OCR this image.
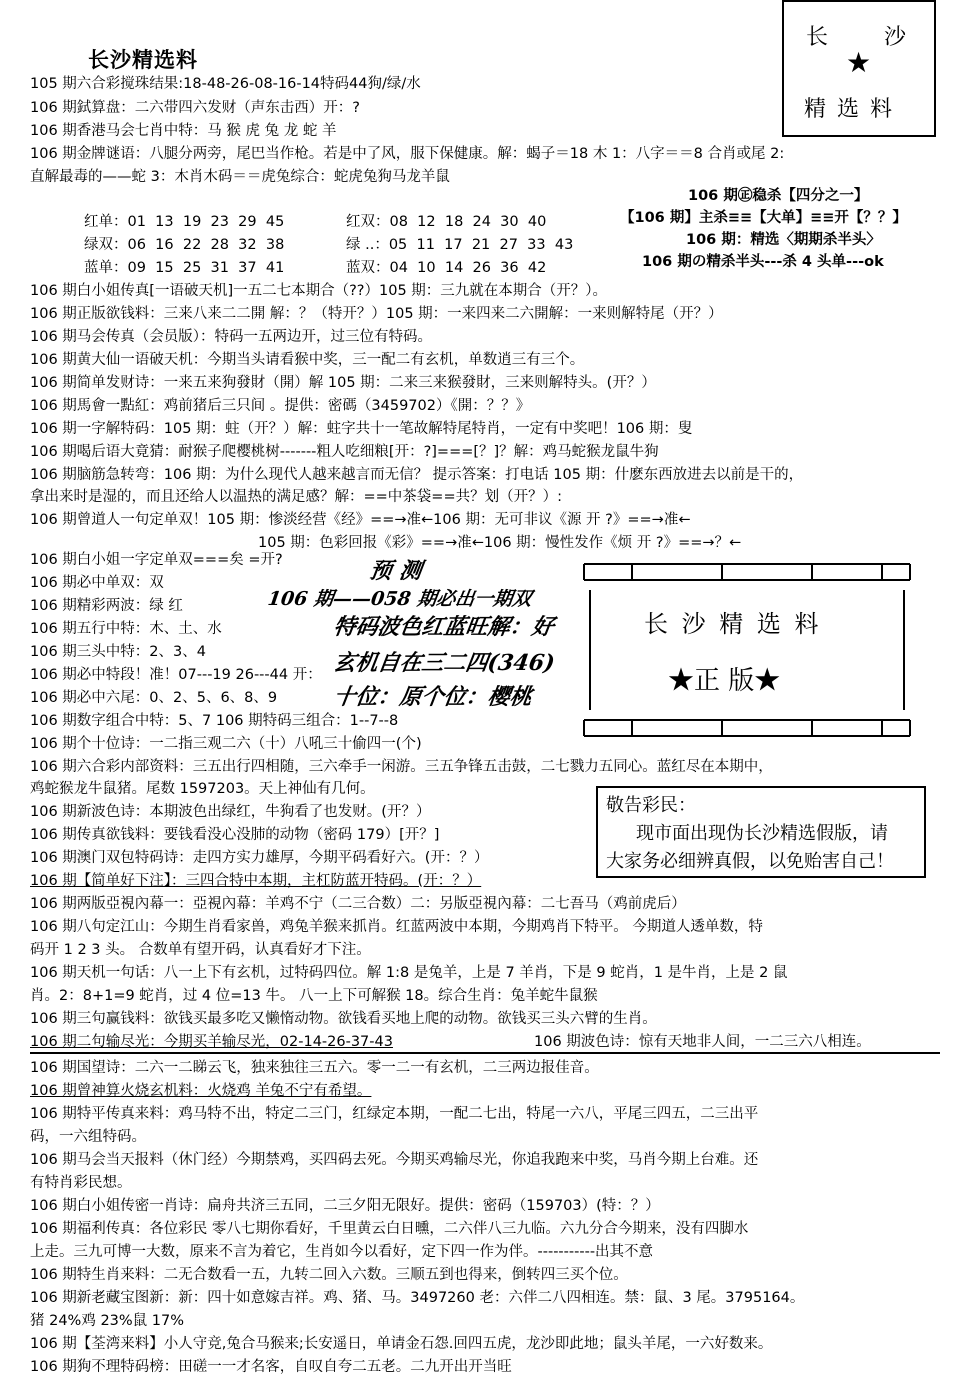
长沙精选料
长	沙
★
精 选 料
105 期六合彩搅珠结果:18-48-26-08-16-14特码44狗/绿/水
106 期鉽算盘：二六带四六发财（声东击西）开：?
106 期香港马会七肖中特：马 猴 虎 兔 龙 蛇 羊
106 期金牌谜语：八腿分两旁，尾巴当作枪。若是中了风，服下保健康。解：蝎子＝18 木 1：八字＝＝8 合肖或尾 2:
直解最毒的——蛇 3：木肖木码＝＝虎兔综合：蛇虎兔狗马龙羊鼠
106 期㊣稳杀【四分之一】
【106 期】主杀≡≡【大单】≡≡开【？？】
106 期：精选〈期期杀半头〉
106 期の精杀半头---杀 4 头单---ok
红单：01  13  19  23  29  45	红双：08  12  18  24  30  40
绿双：06  16  22  28  32  38	绿 ..：05  11  17  21  27  33  43
蓝单：09  15  25  31  37  41	蓝双：04  10  14  26  36  42
106 期白小姐传真[一语破天机]一五二七本期合（??）105 期：三九就在本期合（开？）。
106 期正版欲钱料：三来八来二二開 解：？（特开？）105 期：一来四来二六開解：一来则解特尾（开？）
106 期马会传真（会员版）：特码一五两边开，过三位有特码。
106 期黄大仙一语破天机：今期当头请看猴中奖，三一配二有玄机，单数逍三有三个。
106 期简单发财诗：一来五来狗發財（開）解 105 期：二来三来猴發財，三来则解特头。(开？）
106 期馬會一點紅：鸡前猪后三只间 。提供：密碼（3459702）《開：？？》
106 期一字解特码：105 期：蛀（开？）解：蛀字共十一笔故解特尾特肖，一定有中奖吧！106 期：叟
106 期喝后语大竟猜：耐猴子爬樱桃树-------粗人吃细粮[开：?]===[？]？解：鸡马蛇猴龙鼠牛狗
106 期脑筋急转弯：106 期：为什么现代人越来越言而无信？ 提示答案：打电话 105 期：什麽东西放进去以前是干的，
拿出来时是湿的，而且还给人以温热的满足感？解：==中茶袋==共？划（开？）:
106 期曾道人一句定单双！105 期：惨淡经营《经》==→准←106 期：无可非议《源 开 ?》==→准←
105 期：色彩回报《彩》==→准←106 期：慢性发作《烦 开 ?》==→？←
预 测
106 期——058 期必出一期双
特码波色红蓝旺解：好
玄机自在三二四(346)
十位：原个位：樱桃
长 沙 精 选 料
★正 版★
106 期白小姐一字定单双===矣 =开?
106 期必中单双：双
106 期精彩两波：绿 红
106 期五行中特：木、土、水
106 期三头中特：2、3、4
106 期必中特段！准！07---19 26---44 开：
106 期必中六尾：0、2、5、6、8、9
106 期数字组合中特：5、7 106 期特码三组合：1--7--8
106 期个十位诗：一二指三观二六（十）八吼三十偷四一(个)
106 期六合彩内部资料：三五出行四相随，三六牵手一闲游。三五争锋五击鼓，二七戮力五同心。蓝红尽在本期中，
鸡蛇猴龙牛鼠猪。尾数 1597203。天上神仙有几何。
106 期新波色诗：本期波色出绿红，牛狗看了也发财。(开？）
106 期传真欲钱料：要钱看没心没肺的动物（密码 179）[开？]
106 期澳门双包特码诗：走四方实力雄厚，今期平码看好六。(开：？）
106 期【简单好下注】：三四合特中本期，主杠防蓝开特码。(开：？）
敬告彩民：
现市面出现伪长沙精选假版，请
大家务必细辨真假，以免贻害自己！
106 期两版亞視內幕一：亞視內幕：羊鸡不宁（二三合数）二：另版亞視內幕：二七吾马（鸡前虎后）
106 期八句定江山：今期生肖看家兽，鸡兔羊猴来抓肖。红蓝两波中本期，今期鸡肖下特平。 今期道人透单数，特
码开 1 2 3 头。 合数单有望开码，认真看好才下注。
106 期天机一句话：八一上下有玄机，过特码四位。解 1:8 是兔羊，上是 7 羊肖，下是 9 蛇肖，1 是牛肖，上是 2 鼠
肖。2：8+1=9 蛇肖，过 4 位=13 牛。 八一上下可解猴 18。综合生肖：兔羊蛇牛鼠猴
106 期三句赢钱料：欲钱买最多吃又懒惰动物。欲钱看买地上爬的动物。欲钱买三头六臂的生肖。
106 期二句输尽光：今期买羊输尽光，02-14-26-37-43	106 期波色诗：惊有天地非人间，一二三六八相连。
106 期国望诗：二六一二睇云飞，独来独往三五六。零一二一有玄机，二三两边报佳音。
106 期曾神算火烧玄机料：火烧鸡 羊兔不宁有希望。
106 期特平传真来料：鸡马特不出，特定二三门，红绿定本期，一配二七出，特尾一六八，平尾三四五，二三出平
码，一六组特码。
106 期马会当天报料（休门经）今期禁鸡，买四码去死。今期买鸡输尽光，你追我跑来中奖，马肖今期上台难。还
有特肖彩民想。
106 期白小姐传密一肖诗：扁舟共济三五同，二三夕阳无限好。提供：密码（159703）(特：？）
106 期福利传真：各位彩民 零八七期你看好，千里黄云白日曛，二六伴八三九临。六九分合今期来，没有四脚水
上走。三九可博一大数，原来不言为着它，生肖如今以看好，定下四一作为伴。-----------出其不意
106 期特生肖来料：二无合数看一五，九转二回入六数。三顺五到也得来，倒转四三买个位。
106 期新老藏宝图新：新：四十如意嫁吉祥。鸡、猪、马。3497260 老：六伴二八四相连。禁：鼠、3 尾。3795164。
猪 24%鸡 23%鼠 17%
106 期【荃湾来料】小人守竞,兔合马猴来;长安遥日，单请金石怨.回四五虎，龙沙即此地；鼠头羊尾，一六好数来。
106 期狗不理特码榜：田磋一一才名客，自叹自夸二五老。二九开出开当旺
